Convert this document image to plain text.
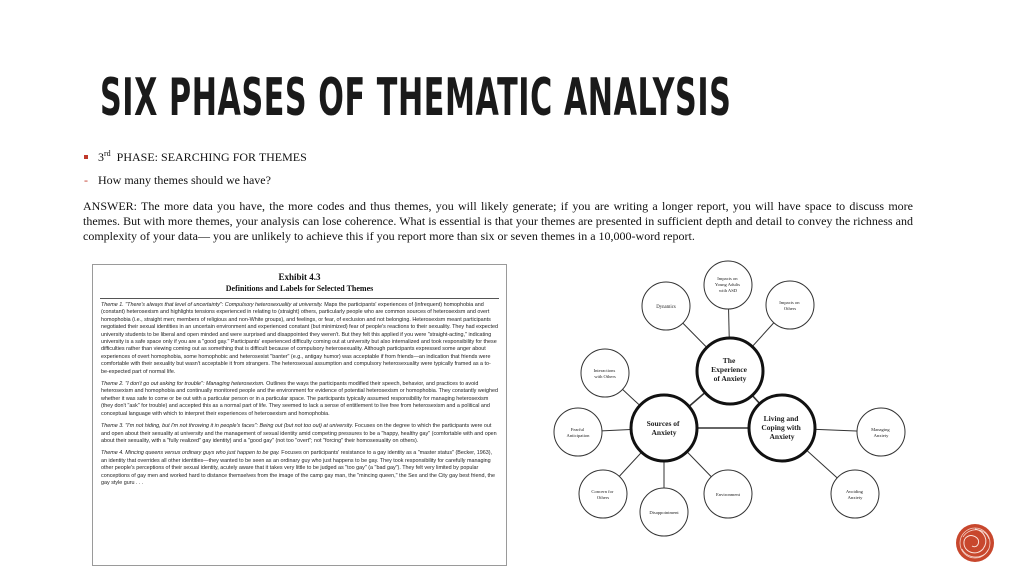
SIX PHASES OF THEMATIC ANALYSIS
3rd PHASE: SEARCHING FOR THEMES
- How many themes should we have?

ANSWER: The more data you have, the more codes and thus themes, you will likely generate; if you are writing a longer report, you will have space to discuss more themes. But with more themes, your analysis can lose coherence. What is essential is that your themes are presented in sufficient depth and detail to convey the richness and complexity of your data— you are unlikely to achieve this if you report more than six or seven themes in a 10,000-word report.

Exhibit 4.3
Definitions and Labels for Selected Themes
Theme 1. "There's always that level of uncertainty": Compulsory heterosexuality at university. Maps the participants' experiences of (infrequent) homophobia and (constant) heterosexism and highlights tensions experienced in relating to (straight) others, particularly people who are common sources of heterosexism and overt homophobia (i.e., straight men; members of religious and non-White groups), and feelings, or fear, of exclusion and not belonging. Heterosexism meant participants negotiated their sexual identities in an uncertain environment and experienced constant (but minimized) fear of people's reactions to their sexuality. They had expected university students to be liberal and open minded and were surprised and disappointed they weren't. But they felt this applied if you were "straight-acting," indicating university is a safe space only if you are a "good gay." Participants' experienced difficulty coming out at university but also internalized and took responsibility for these difficulties rather than viewing coming out as something that is difficult because of compulsory heterosexuality. Although participants expressed some anger about experiences of overt homophobia, some homophobic and heterosexist "banter" (e.g., antigay humor) was acceptable if from friends—an indication that friends were comfortable with their sexuality but wasn't acceptable it from strangers. The heterosexual assumption and compulsory heterosexuality were typically framed as a to-be-expected part of normal life.
Theme 2. "I don't go out asking for trouble": Managing heterosexism. Outlines the ways the participants modified their speech, behavior, and practices to avoid heterosexism and homophobia and continually monitored people and the environment for evidence of potential heterosexism or homophobia. They constantly weighed whether it was safe to come or be out with a particular person or in a particular space. The participants typically assumed responsibility for managing heterosexism (they don't "ask" for trouble) and accepted this as a normal part of life. They seemed to lack a sense of entitlement to live free from heterosexism and a political and conceptual language with which to interpret their experiences of heterosexism and homophobia.
Theme 3. "I'm not hiding, but I'm not throwing it in people's faces": Being out (but not too out) at university. Focuses on the degree to which the participants were out and open about their sexuality at university and the management of sexual identity amid competing pressures to be a "happy, healthy gay" (comfortable with and open about their sexuality, with a "fully realized" gay identity) and a "good gay" (not too "overt"; not "forcing" their homosexuality on others).
Theme 4. Mincing queens versus ordinary guys who just happen to be gay. Focuses on participants' resistance to a gay identity as a "master status" (Becker, 1963), an identity that overrides all other identities—they wanted to be seen as an ordinary guy who just happens to be gay. They took responsibility for carefully managing other people's perceptions of their sexual identity, acutely aware that it takes very little to be judged as "too gay" (a "bad gay"). They felt very limited by popular conceptions of gay men and worked hard to distance themselves from the image of the camp gay man, the "mincing queen," the Sex and the City gay best friend, the gay style guru . . .
The Experience of Anxiety
Sources of Anxiety
Living and Coping with Anxiety
Impacts on Young Adults with ASD
Dynamics
Impacts on Others
Interactions with Others
Fearful Anticipation
Concern for Others
Disappointment
Environment
Managing Anxiety
Avoiding Anxiety
